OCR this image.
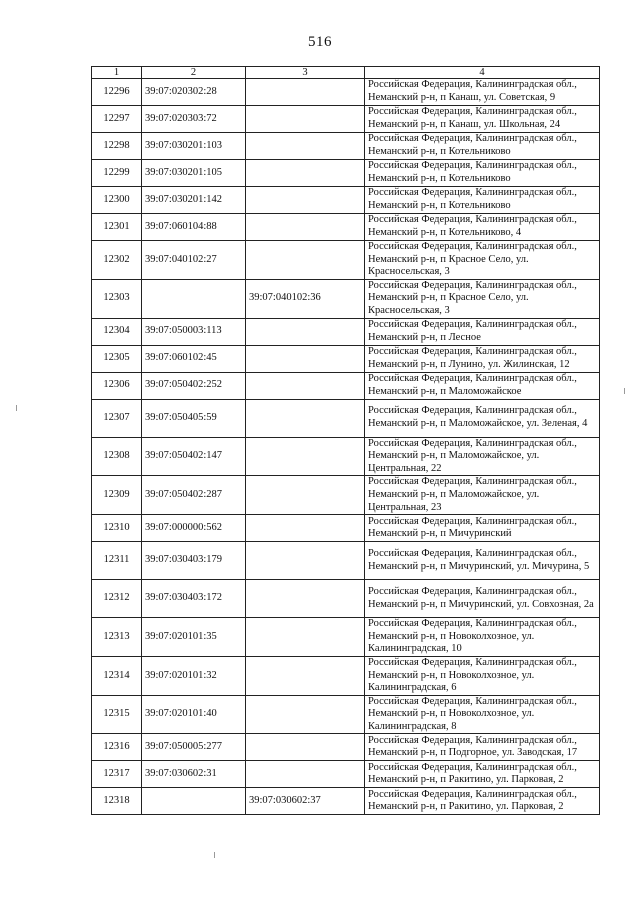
516
1	2	3	4
12296	39:07:020302:28		Российская Федерация, Калининградская обл., Неманский р-н, п Канаш, ул. Советская, 9
12297	39:07:020303:72		Российская Федерация, Калининградская обл., Неманский р-н, п Канаш, ул. Школьная, 24
12298	39:07:030201:103		Российская Федерация, Калининградская обл., Неманский р-н, п Котельниково
12299	39:07:030201:105		Российская Федерация, Калининградская обл., Неманский р-н, п Котельниково
12300	39:07:030201:142		Российская Федерация, Калининградская обл., Неманский р-н, п Котельниково
12301	39:07:060104:88		Российская Федерация, Калининградская обл., Неманский р-н, п Котельниково, 4
12302	39:07:040102:27		Российская Федерация, Калининградская обл., Неманский р-н, п Красное Село, ул. Красносельская, 3
12303		39:07:040102:36	Российская Федерация, Калининградская обл., Неманский р-н, п Красное Село, ул. Красносельская, 3
12304	39:07:050003:113		Российская Федерация, Калининградская обл., Неманский р-н, п Лесное
12305	39:07:060102:45		Российская Федерация, Калининградская обл., Неманский р-н, п Лунино, ул. Жилинская, 12
12306	39:07:050402:252		Российская Федерация, Калининградская обл., Неманский р-н, п Маломожайское
12307	39:07:050405:59		Российская Федерация, Калининградская обл., Неманский р-н, п Маломожайское, ул. Зеленая, 4
12308	39:07:050402:147		Российская Федерация, Калининградская обл., Неманский р-н, п Маломожайское, ул. Центральная, 22
12309	39:07:050402:287		Российская Федерация, Калининградская обл., Неманский р-н, п Маломожайское, ул. Центральная, 23
12310	39:07:000000:562		Российская Федерация, Калининградская обл., Неманский р-н, п Мичуринский
12311	39:07:030403:179		Российская Федерация, Калининградская обл., Неманский р-н, п Мичуринский, ул. Мичурина, 5
12312	39:07:030403:172		Российская Федерация, Калининградская обл., Неманский р-н, п Мичуринский, ул. Совхозная, 2а
12313	39:07:020101:35		Российская Федерация, Калининградская обл., Неманский р-н, п Новоколхозное, ул. Калининградская, 10
12314	39:07:020101:32		Российская Федерация, Калининградская обл., Неманский р-н, п Новоколхозное, ул. Калининградская, 6
12315	39:07:020101:40		Российская Федерация, Калининградская обл., Неманский р-н, п Новоколхозное, ул. Калининградская, 8
12316	39:07:050005:277		Российская Федерация, Калининградская обл., Неманский р-н, п Подгорное, ул. Заводская, 17
12317	39:07:030602:31		Российская Федерация, Калининградская обл., Неманский р-н, п Ракитино, ул. Парковая, 2
12318		39:07:030602:37	Российская Федерация, Калининградская обл., Неманский р-н, п Ракитино, ул. Парковая, 2
